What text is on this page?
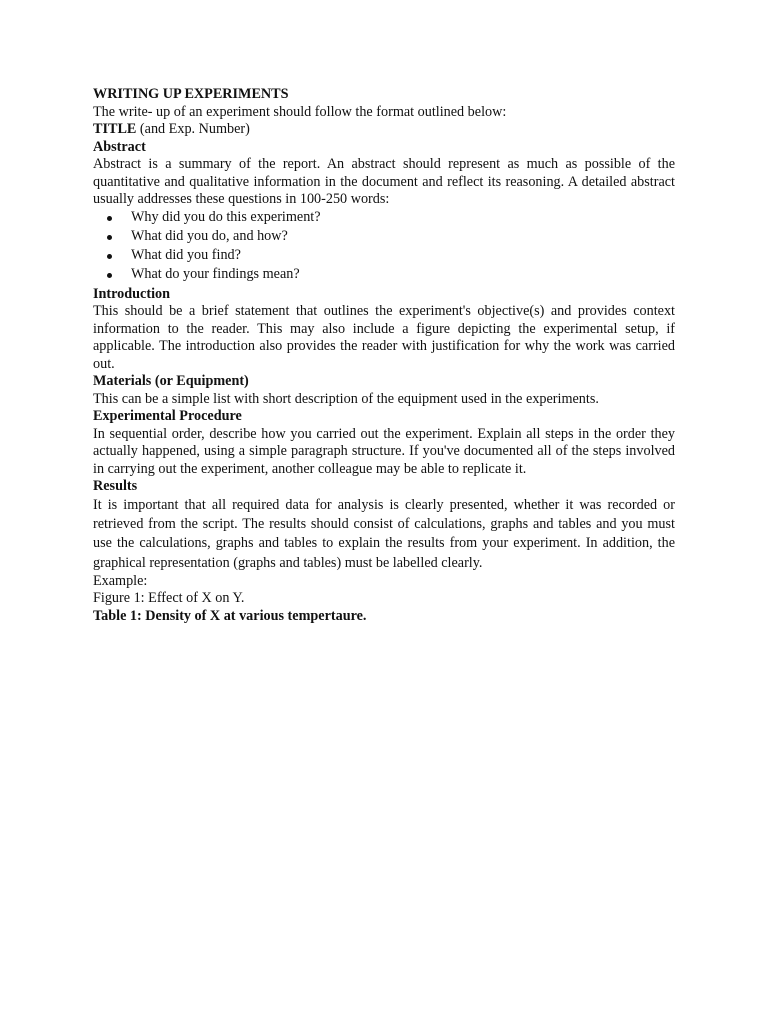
WRITING UP EXPERIMENTS

The write- up of an experiment should follow the format outlined below:

TITLE (and Exp. Number)

Abstract

Abstract is a summary of the report. An abstract should represent as much as possible of the quantitative and qualitative information in the document and reflect its reasoning. A detailed abstract usually addresses these questions in 100-250 words:

Why did you do this experiment?
What did you do, and how?
What did you find?
What do your findings mean?

Introduction

This should be a brief statement that outlines the experiment's objective(s) and provides context information to the reader. This may also include a figure depicting the experimental setup, if applicable. The introduction also provides the reader with justification for why the work was carried out.

Materials (or Equipment)

This can be a simple list with short description of the equipment used in the experiments.

Experimental Procedure

In sequential order, describe how you carried out the experiment. Explain all steps in the order they actually happened, using a simple paragraph structure. If you've documented all of the steps involved in carrying out the experiment, another colleague may be able to replicate it.

Results

It is important that all required data for analysis is clearly presented, whether it was recorded or retrieved from the script. The results should consist of calculations, graphs and tables and you must use the calculations, graphs and tables to explain the results from your experiment. In addition, the graphical representation (graphs and tables) must be labelled clearly.

Example:

Figure 1: Effect of X on Y.

Table 1: Density of X at various tempertaure.
